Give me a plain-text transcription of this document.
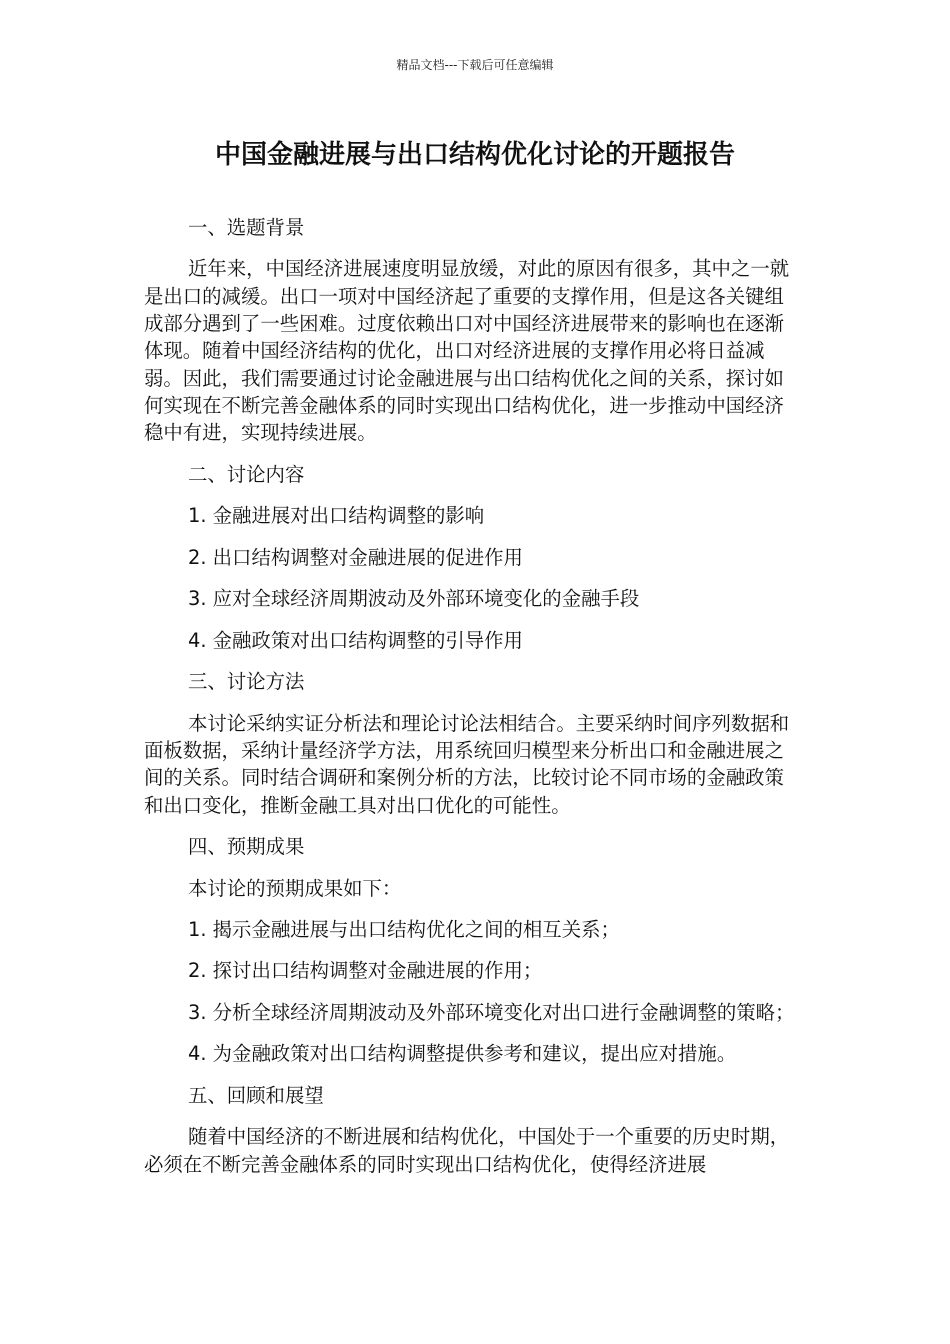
精品文档---下载后可任意编辑
中国金融进展与出口结构优化讨论的开题报告

一、选题背景

近年来，中国经济进展速度明显放缓，对此的原因有很多，其中之一就是出口的减缓。出口一项对中国经济起了重要的支撑作用，但是这各关键组成部分遇到了一些困难。过度依赖出口对中国经济进展带来的影响也在逐渐体现。随着中国经济结构的优化，出口对经济进展的支撑作用必将日益减弱。因此，我们需要通过讨论金融进展与出口结构优化之间的关系，探讨如何实现在不断完善金融体系的同时实现出口结构优化，进一步推动中国经济稳中有进，实现持续进展。

二、讨论内容

1. 金融进展对出口结构调整的影响

2. 出口结构调整对金融进展的促进作用

3. 应对全球经济周期波动及外部环境变化的金融手段

4. 金融政策对出口结构调整的引导作用

三、讨论方法

本讨论采纳实证分析法和理论讨论法相结合。主要采纳时间序列数据和面板数据，采纳计量经济学方法，用系统回归模型来分析出口和金融进展之间的关系。同时结合调研和案例分析的方法，比较讨论不同市场的金融政策和出口变化，推断金融工具对出口优化的可能性。

四、预期成果

本讨论的预期成果如下：

1. 揭示金融进展与出口结构优化之间的相互关系；

2. 探讨出口结构调整对金融进展的作用；

3. 分析全球经济周期波动及外部环境变化对出口进行金融调整的策略；

4. 为金融政策对出口结构调整提供参考和建议，提出应对措施。

五、回顾和展望

随着中国经济的不断进展和结构优化，中国处于一个重要的历史时期，必须在不断完善金融体系的同时实现出口结构优化，使得经济进展
